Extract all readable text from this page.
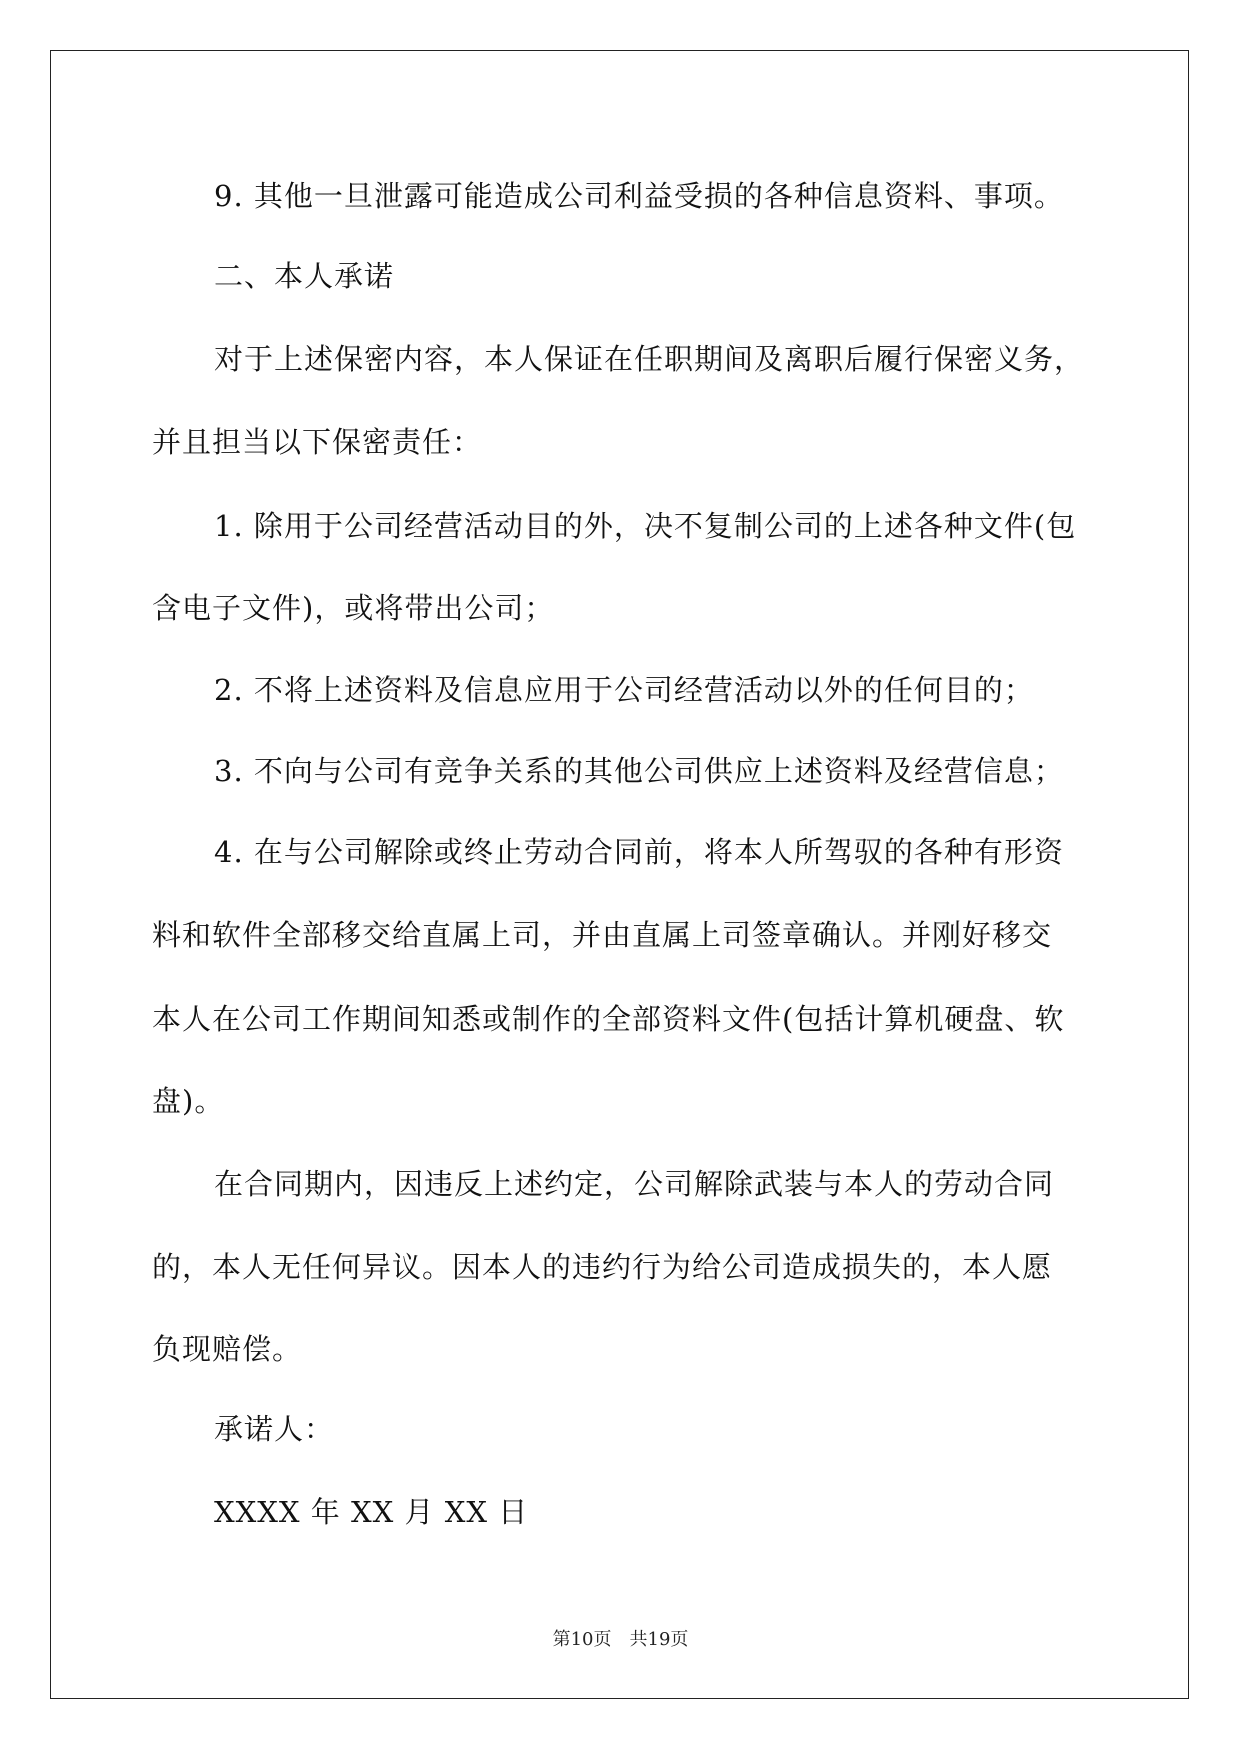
9. 其他一旦泄露可能造成公司利益受损的各种信息资料、事项。
二、本人承诺
对于上述保密内容，本人保证在任职期间及离职后履行保密义务，
并且担当以下保密责任：
1. 除用于公司经营活动目的外，决不复制公司的上述各种文件(包
含电子文件)，或将带出公司；
2. 不将上述资料及信息应用于公司经营活动以外的任何目的；
3. 不向与公司有竞争关系的其他公司供应上述资料及经营信息；
4. 在与公司解除或终止劳动合同前，将本人所驾驭的各种有形资
料和软件全部移交给直属上司，并由直属上司签章确认。并刚好移交
本人在公司工作期间知悉或制作的全部资料文件(包括计算机硬盘、软
盘)。
在合同期内，因违反上述约定，公司解除武装与本人的劳动合同
的，本人无任何异议。因本人的违约行为给公司造成损失的，本人愿
负现赔偿。
承诺人：
XXXX 年 XX 月 XX 日
第10页　共19页
